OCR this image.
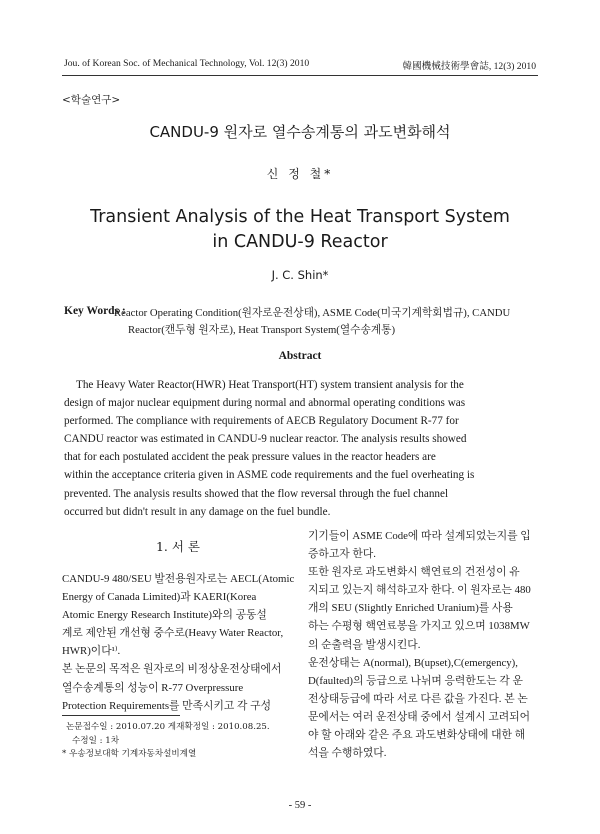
Jou. of Korean Soc. of Mechanical Technology, Vol. 12(3) 2010	韓國機械技術學會誌, 12(3) 2010
<학술연구>
CANDU-9 원자로 열수송계통의 과도변화해석
신 정 철*
Transient Analysis of the Heat Transport System
in CANDU-9 Reactor
J. C. Shin*
Key Words :
Reactor Operating Condition(원자로운전상태), ASME Code(미국기계학회법규), CANDU
Reactor(캔두형 원자로), Heat Transport System(열수송계통)
Abstract
The Heavy Water Reactor(HWR) Heat Transport(HT) system transient analysis for the
design of major nuclear equipment during normal and abnormal operating conditions was
performed. The compliance with requirements of AECB Regulatory Document R-77 for
CANDU reactor was estimated in CANDU-9 nuclear reactor. The analysis results showed
that for each postulated accident the peak pressure values in the reactor headers are
within the acceptance criteria given in ASME code requirements and the fuel overheating is
prevented. The analysis results showed that the flow reversal through the fuel channel
occurred but didn't result in any damage on the fuel bundle.
1. 서 론
CANDU-9 480/SEU 발전용원자로는 AECL(Atomic
Energy of Canada Limited)과 KAERI(Korea
Atomic Energy Research Institute)와의 공동설
계로 제안된 개선형 중수로(Heavy Water Reactor,
HWR)이다¹⁾.
본 논문의 목적은 원자로의 비정상운전상태에서
열수송계통의 성능이 R-77 Overpressure
Protection Requirements를 만족시키고 각 구성
기기들이 ASME Code에 따라 설계되었는지를 입
증하고자 한다.
또한 원자로 과도변화시 핵연료의 건전성이 유
지되고 있는지 해석하고자 한다. 이 원자로는 480
개의 SEU (Slightly Enriched Uranium)를 사용
하는 수평형 핵연료봉을 가지고 있으며 1038MW
의 순출력을 발생시킨다.
운전상태는 A(normal), B(upset),C(emergency),
D(faulted)의 등급으로 나뉘며 응력한도는 각 운
전상태등급에 따라 서로 다른 값을 가진다. 본 논
문에서는 여러 운전상태 중에서 설계시 고려되어
야 할 아래와 같은 주요 과도변화상태에 대한 해
석을 수행하였다.
논문접수일 : 2010.07.20 게재확정일 : 2010.08.25.
수정일 : 1차
* 우송정보대학 기계자동차설비계열
- 59 -
